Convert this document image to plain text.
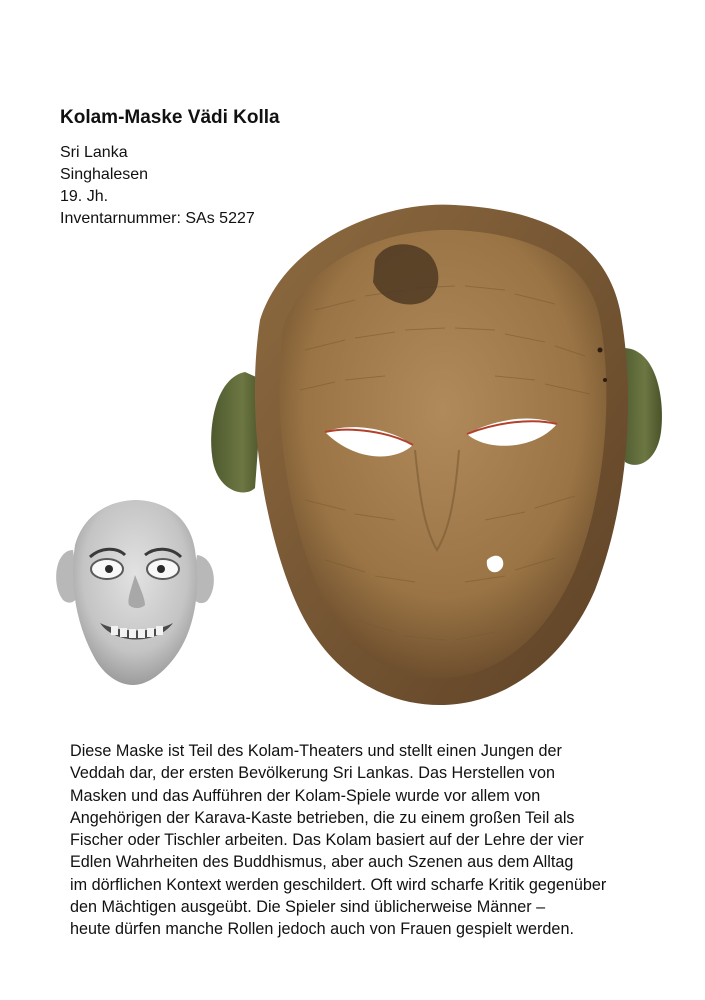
Kolam-Maske Vädi Kolla
Sri Lanka
Singhalesen
19. Jh.
Inventarnummer: SAs 5227
Diese Maske ist Teil des Kolam-Theaters und stellt einen Jungen der
Veddah dar, der ersten Bevölkerung Sri Lankas. Das Herstellen von
Masken und das Aufführen der Kolam-Spiele wurde vor allem von
Angehörigen der Karava-Kaste betrieben, die zu einem großen Teil als
Fischer oder Tischler arbeiten. Das Kolam basiert auf der Lehre der vier
Edlen Wahrheiten des Buddhismus, aber auch Szenen aus dem Alltag
im dörflichen Kontext werden geschildert. Oft wird scharfe Kritik gegenüber
den Mächtigen ausgeübt. Die Spieler sind üblicherweise Männer –
heute dürfen manche Rollen jedoch auch von Frauen gespielt werden.
